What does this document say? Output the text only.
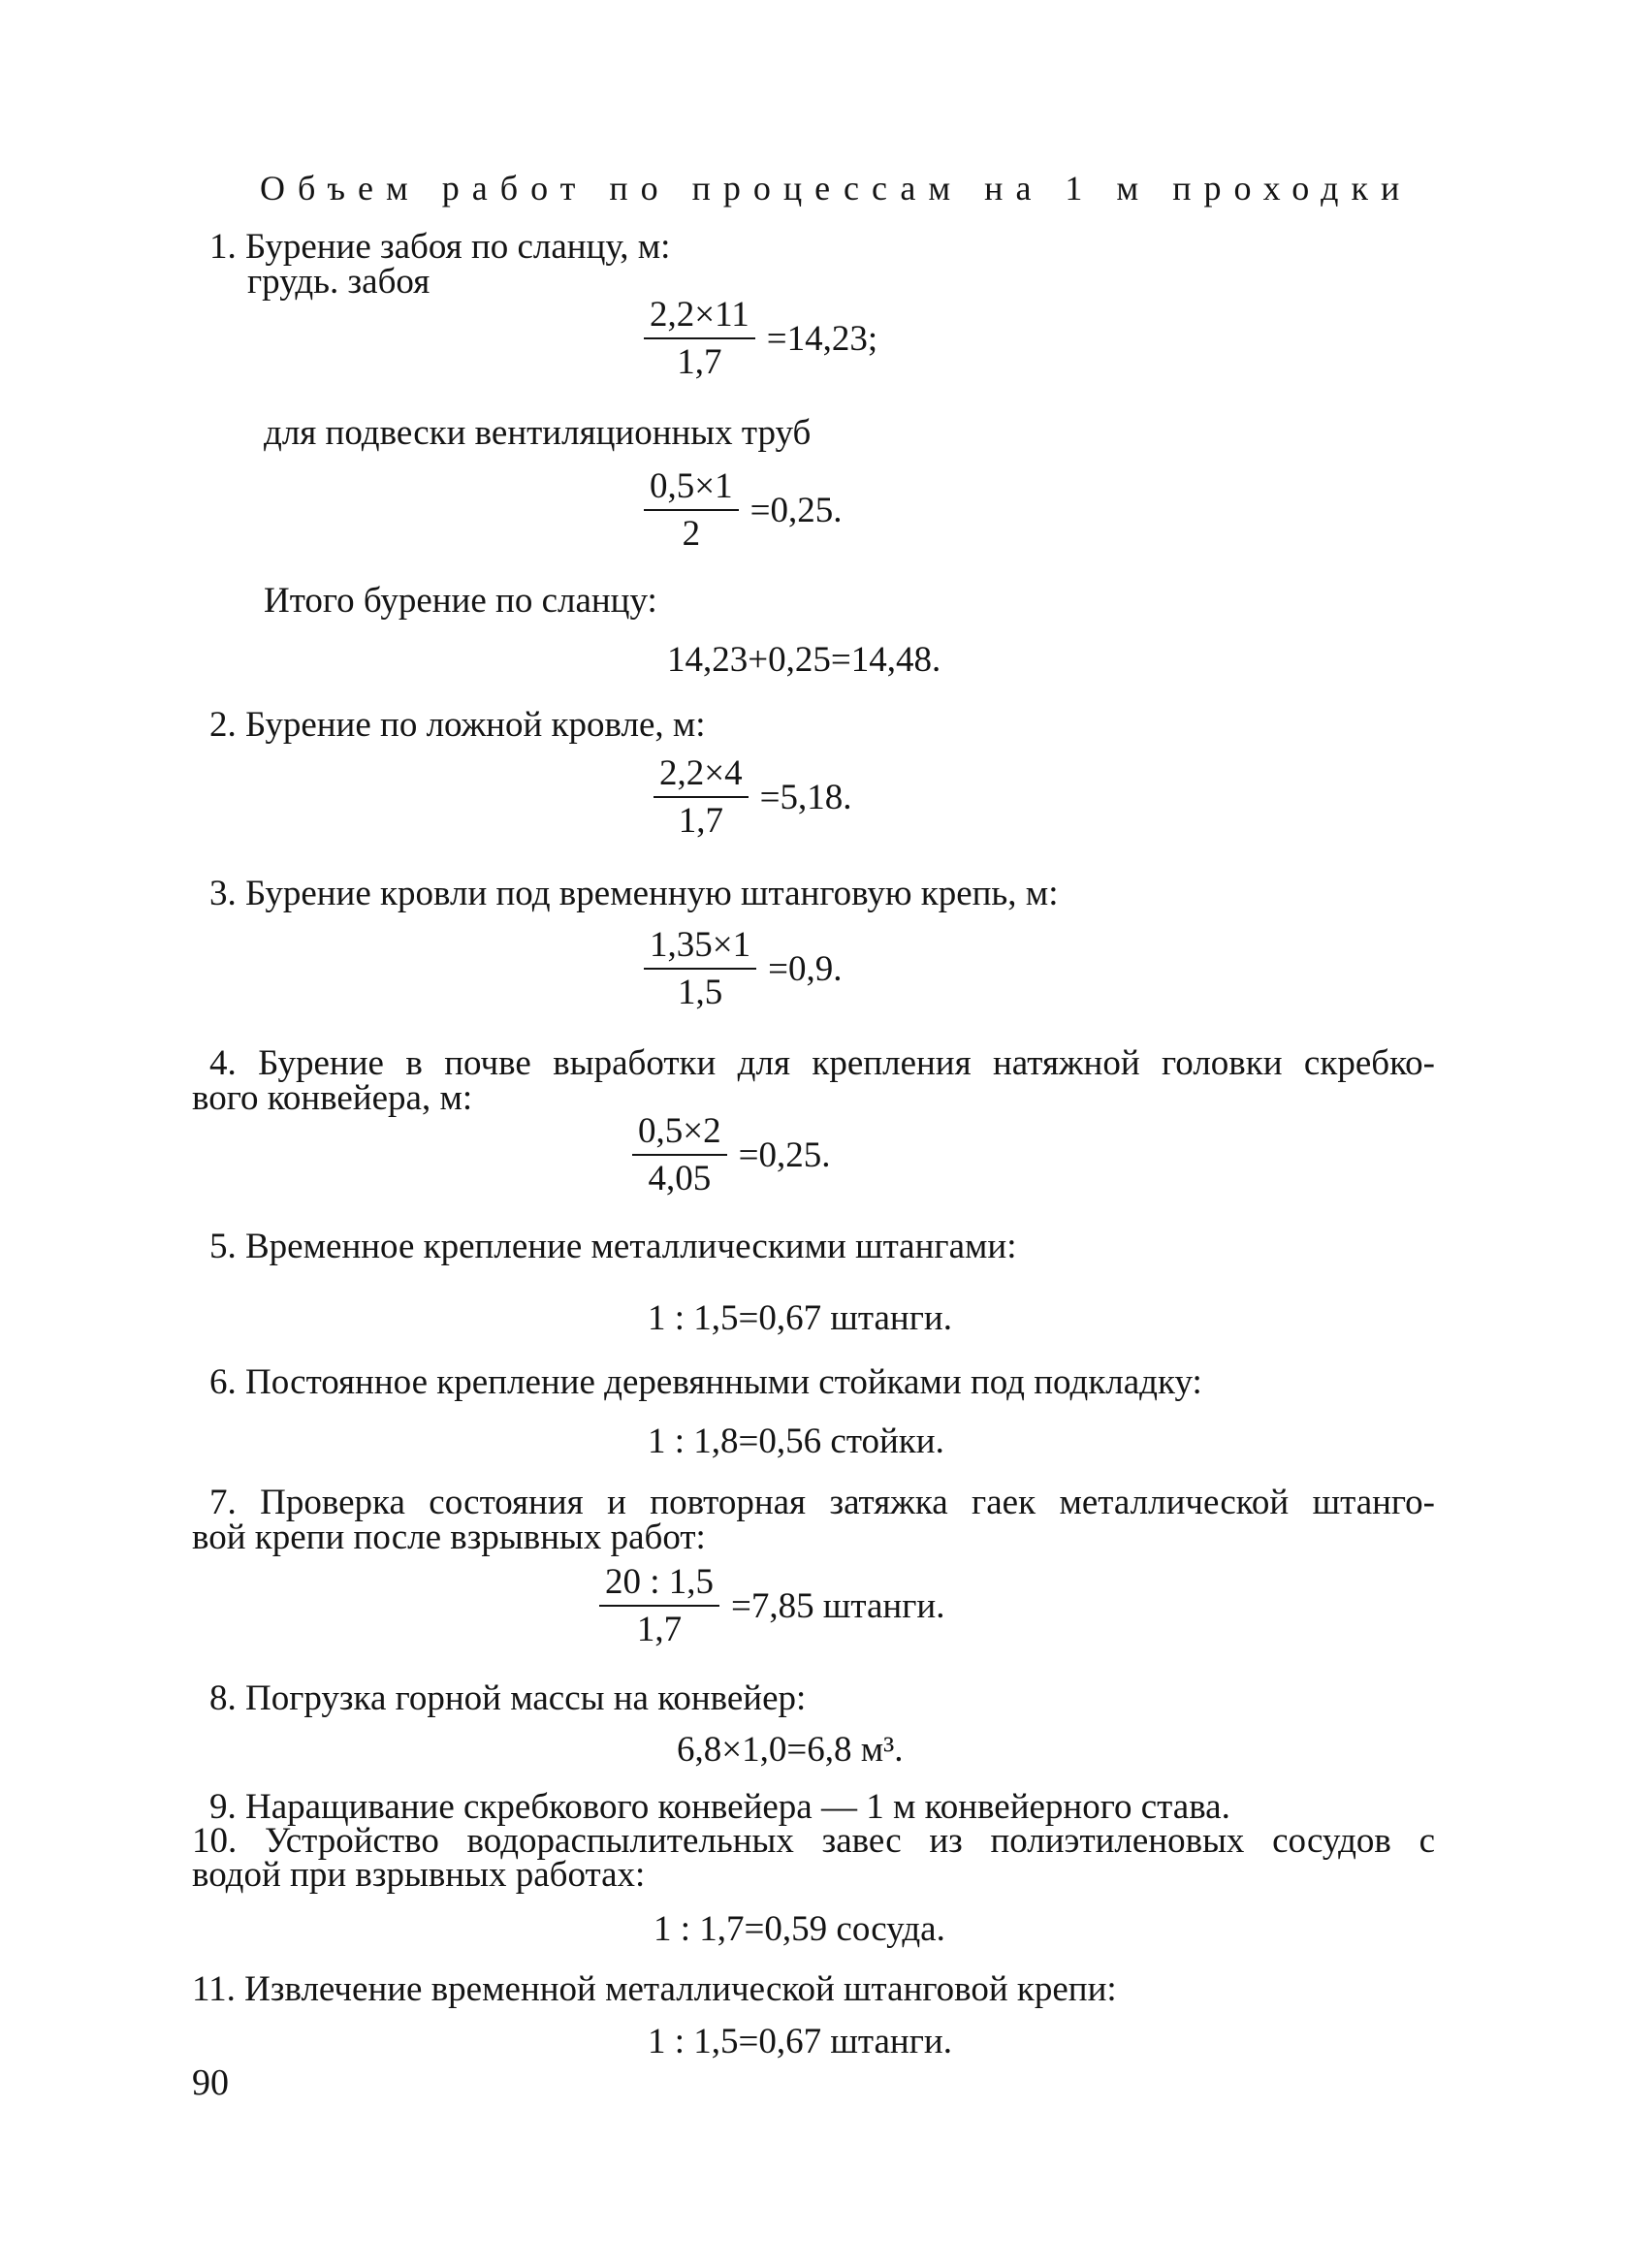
Объем работ по процессам на 1 м проходки
1. Бурение забоя по сланцу, м:
грудь. забоя
$\frac{2,2\times 11}{1,7} =14,23$;
для подвески вентиляционных труб
$\frac{0,5\times 1}{2} =0,25$.
Итого бурение по сланцу:
14,23+0,25=14,48.
2. Бурение по ложной кровле, м:
$\frac{2,2\times 4}{1,7} =5,18$.
3. Бурение кровли под временную штанговую крепь, м:
$\frac{1,35\times 1}{1,5} =0,9$.
4. Бурение в почве выработки для крепления натяжной головки скребко-
вого конвейера, м:
$\frac{0,5\times 2}{4,05} =0,25$.
5. Временное крепление металлическими штангами:
1 : 1,5=0,67 штанги.
6. Постоянное крепление деревянными стойками под подкладку:
1 : 1,8=0,56 стойки.
7. Проверка состояния и повторная затяжка гаек металлической штанго-
вой крепи после взрывных работ:
$\frac{20 : 1,5}{1,7} =7,85$ штанги.
8. Погрузка горной массы на конвейер:
6,8×1,0=6,8 м³.
9. Наращивание скребкового конвейера — 1 м конвейерного става.
10. Устройство водораспылительных завес из полиэтиленовых сосудов с
водой при взрывных работах:
1 : 1,7=0,59 сосуда.
11. Извлечение временной металлической штанговой крепи:
1 : 1,5=0,67 штанги.
90
